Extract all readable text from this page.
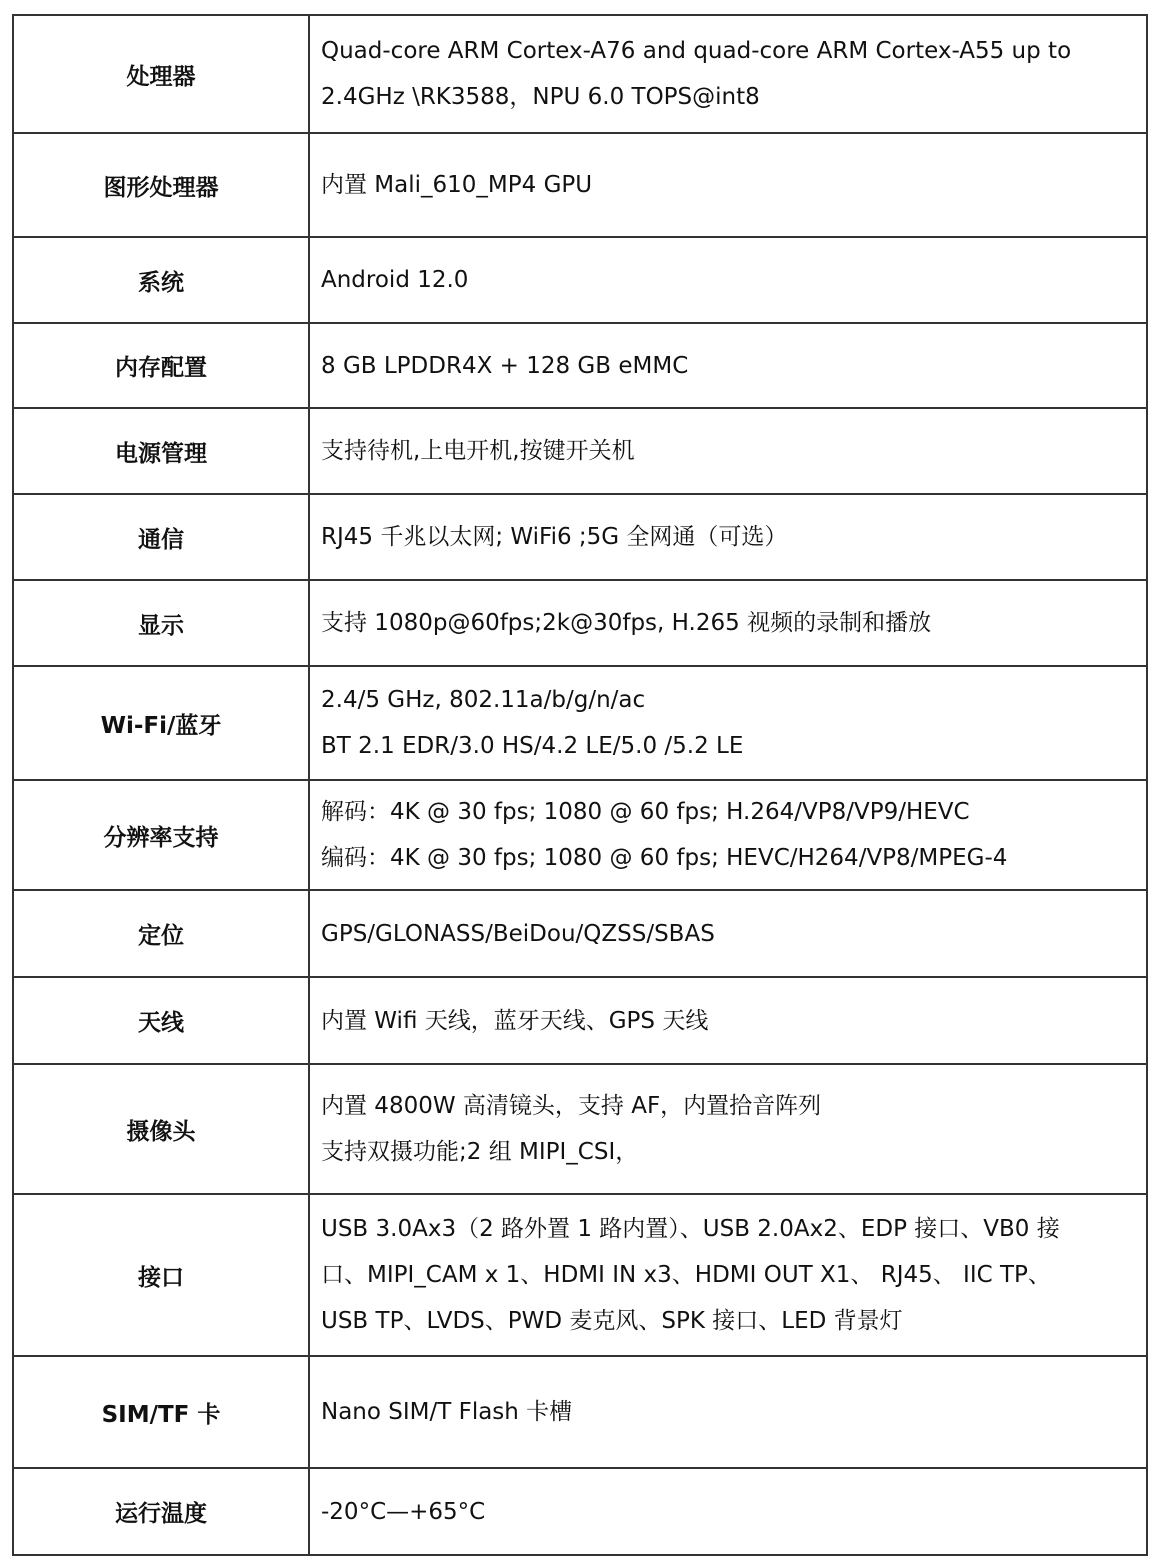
处理器	Quad-core ARM Cortex-A76 and quad-core ARM Cortex-A55 up to
2.4GHz \RK3588，NPU 6.0 TOPS@int8

图形处理器	内置 Mali_610_MP4 GPU

系统	Android 12.0

内存配置	8 GB LPDDR4X + 128 GB eMMC

电源管理	支持待机,上电开机,按键开关机

通信	RJ45 千兆以太网; WiFi6 ;5G 全网通（可选）

显示	支持 1080p@60fps;2k@30fps, H.265 视频的录制和播放

Wi-Fi/蓝牙	2.4/5 GHz, 802.11a/b/g/n/ac
BT 2.1 EDR/3.0 HS/4.2 LE/5.0 /5.2 LE

分辨率支持	解码：4K @ 30 fps; 1080 @ 60 fps; H.264/VP8/VP9/HEVC
编码：4K @ 30 fps; 1080 @ 60 fps; HEVC/H264/VP8/MPEG-4

定位	GPS/GLONASS/BeiDou/QZSS/SBAS

天线	内置 Wifi 天线，蓝牙天线、GPS 天线

摄像头	内置 4800W 高清镜头，支持 AF，内置拾音阵列
支持双摄功能;2 组 MIPI_CSI，

接口	USB 3.0Ax3（2 路外置 1 路内置）、USB 2.0Ax2、EDP 接口、VB0 接
口、MIPI_CAM x 1、HDMI IN x3、HDMI OUT X1、 RJ45、 IIC TP、
USB TP、LVDS、PWD 麦克风、SPK 接口、LED 背景灯

SIM/TF 卡	Nano SIM/T Flash 卡槽

运行温度	-20°C—+65°C
